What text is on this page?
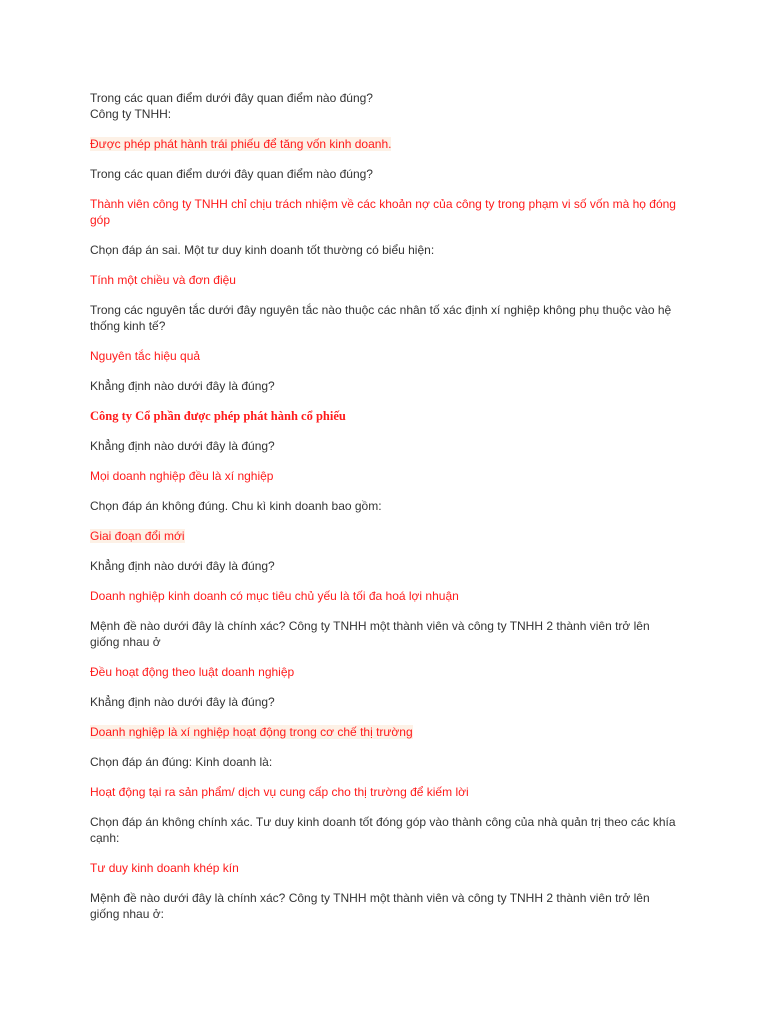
Trong các quan điểm dưới đây quan điểm nào đúng?
Công ty TNHH:
Được phép phát hành trái phiếu để tăng vốn kinh doanh.
Trong các quan điểm dưới đây quan điểm nào đúng?
Thành viên công ty TNHH chỉ chịu trách nhiệm về các khoản nợ của công ty trong phạm vi số vốn mà họ đóng
góp
Chọn đáp án sai. Một tư duy kinh doanh tốt thường có biểu hiện:
Tính một chiều và đơn điệu
Trong các nguyên tắc dưới đây nguyên tắc nào thuộc các nhân tố xác định xí nghiệp không phụ thuộc vào hệ
thống kinh tế?
Nguyên tắc hiệu quả
Khẳng định nào dưới đây là đúng?
Công ty Cổ phần được phép phát hành cổ phiếu
Khẳng định nào dưới đây là đúng?
Mọi doanh nghiệp đều là xí nghiệp
Chọn đáp án không đúng. Chu kì kinh doanh bao gồm:
Giai đoạn đổi mới
Khẳng định nào dưới đây là đúng?
Doanh nghiệp kinh doanh có mục tiêu chủ yếu là tối đa hoá lợi nhuận
Mệnh đề nào dưới đây là chính xác? Công ty TNHH một thành viên và công ty TNHH 2 thành viên trở lên
giống nhau ở
Đều hoạt động theo luật doanh nghiệp
Khẳng định nào dưới đây là đúng?
Doanh nghiệp là xí nghiệp hoạt động trong cơ chế thị trường
Chọn đáp án đúng: Kinh doanh là:
Hoạt động tại ra sản phẩm/ dịch vụ cung cấp cho thị trường để kiếm lời
Chọn đáp án không chính xác. Tư duy kinh doanh tốt đóng góp vào thành công của nhà quản trị theo các khía
cạnh:
Tư duy kinh doanh khép kín
Mệnh đề nào dưới đây là chính xác? Công ty TNHH một thành viên và công ty TNHH 2 thành viên trở lên
giống nhau ở:
